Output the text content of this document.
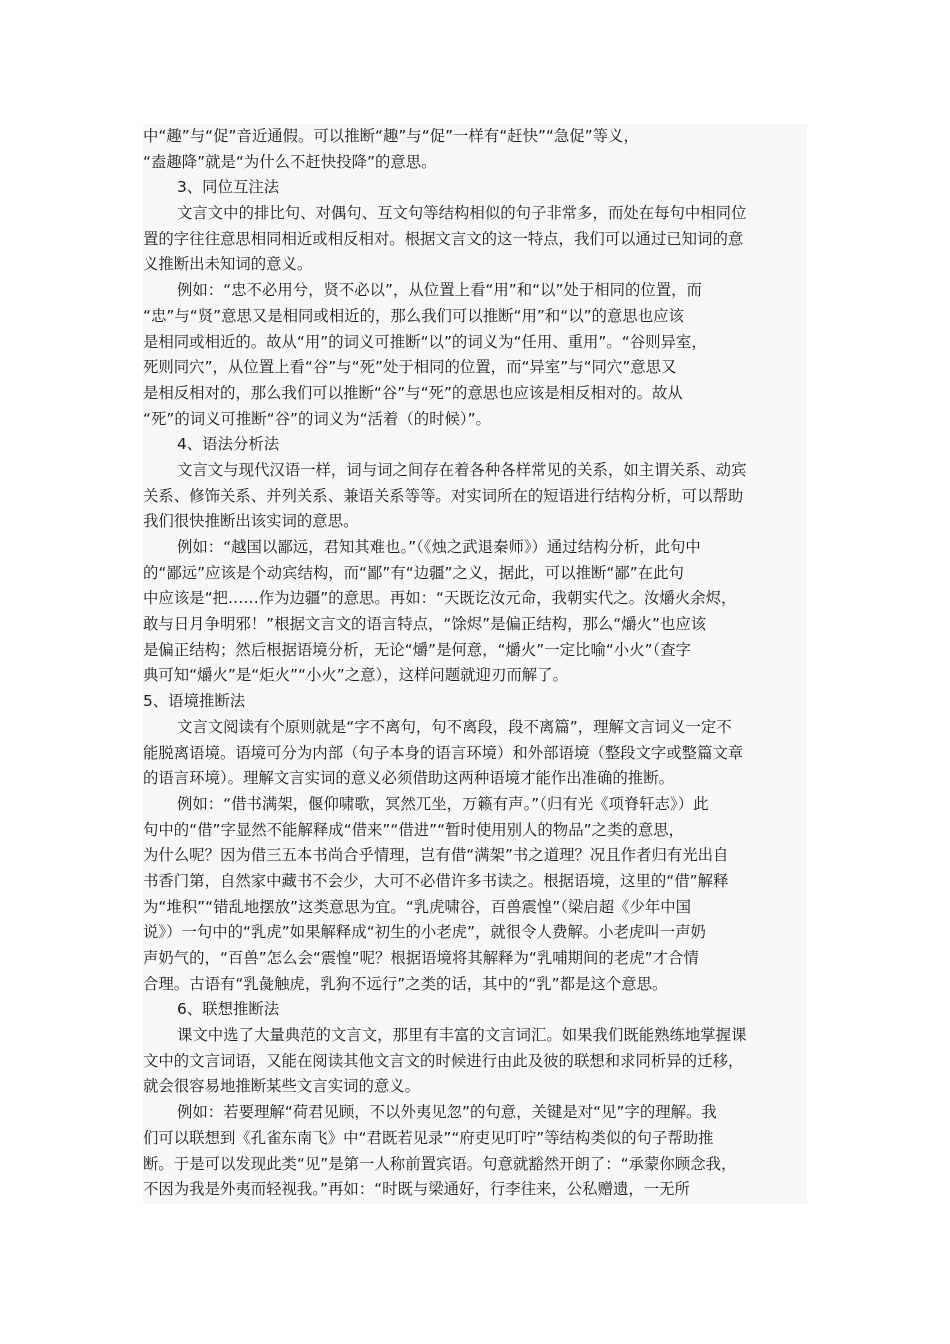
中“趣”与“促”音近通假。可以推断“趣”与“促”一样有“赶快”“急促”等义，
“盍趣降”就是“为什么不赶快投降”的意思。
3、同位互注法
文言文中的排比句、对偶句、互文句等结构相似的句子非常多，而处在每句中相同位
置的字往往意思相同相近或相反相对。根据文言文的这一特点，我们可以通过已知词的意
义推断出未知词的意义。
例如：“忠不必用兮，贤不必以”，从位置上看“用”和“以”处于相同的位置，而
“忠”与“贤”意思又是相同或相近的，那么我们可以推断“用”和“以”的意思也应该
是相同或相近的。故从“用”的词义可推断“以”的词义为“任用、重用”。“谷则异室，
死则同穴”，从位置上看“谷”与“死”处于相同的位置，而“异室”与“同穴”意思又
是相反相对的，那么我们可以推断“谷”与“死”的意思也应该是相反相对的。故从
“死”的词义可推断“谷”的词义为“活着（的时候）”。
4、语法分析法
文言文与现代汉语一样，词与词之间存在着各种各样常见的关系，如主谓关系、动宾
关系、修饰关系、并列关系、兼语关系等等。对实词所在的短语进行结构分析，可以帮助
我们很快推断出该实词的意思。
例如：“越国以鄙远，君知其难也。”（《烛之武退秦师》）通过结构分析，此句中
的“鄙远”应该是个动宾结构，而“鄙”有“边疆”之义，据此，可以推断“鄙”在此句
中应该是“把……作为边疆”的意思。再如：“天既讫汝元命，我朝实代之。汝爝火余烬，
敢与日月争明邪！”根据文言文的语言特点，“馀烬”是偏正结构，那么“爝火”也应该
是偏正结构；然后根据语境分析，无论“爝”是何意，“爝火”一定比喻“小火”（查字
典可知“爝火”是“炬火”“小火”之意），这样问题就迎刃而解了。
5、语境推断法
文言文阅读有个原则就是“字不离句，句不离段，段不离篇”，理解文言词义一定不
能脱离语境。语境可分为内部（句子本身的语言环境）和外部语境（整段文字或整篇文章
的语言环境）。理解文言实词的意义必须借助这两种语境才能作出准确的推断。
例如：“借书满架，偃仰啸歌，冥然兀坐，万籁有声。”（归有光《项脊轩志》）此
句中的“借”字显然不能解释成“借来”“借进”“暂时使用别人的物品”之类的意思，
为什么呢？因为借三五本书尚合乎情理，岂有借“满架”书之道理？况且作者归有光出自
书香门第，自然家中藏书不会少，大可不必借许多书读之。根据语境，这里的“借”解释
为“堆积”“错乱地摆放”这类意思为宜。“乳虎啸谷，百兽震惶”（梁启超《少年中国
说》）一句中的“乳虎”如果解释成“初生的小老虎”，就很令人费解。小老虎叫一声奶
声奶气的，“百兽”怎么会“震惶”呢？根据语境将其解释为“乳哺期间的老虎”才合情
合理。古语有“乳彘触虎，乳狗不远行”之类的话，其中的“乳”都是这个意思。
6、联想推断法
课文中选了大量典范的文言文，那里有丰富的文言词汇。如果我们既能熟练地掌握课
文中的文言词语，又能在阅读其他文言文的时候进行由此及彼的联想和求同析异的迁移，
就会很容易地推断某些文言实词的意义。
例如：若要理解“荷君见顾，不以外夷见忽”的句意，关键是对“见”字的理解。我
们可以联想到《孔雀东南飞》中“君既若见录”“府吏见叮咛”等结构类似的句子帮助推
断。于是可以发现此类“见”是第一人称前置宾语。句意就豁然开朗了：“承蒙你顾念我，
不因为我是外夷而轻视我。”再如：“时既与梁通好，行李往来，公私赠遗，一无所
